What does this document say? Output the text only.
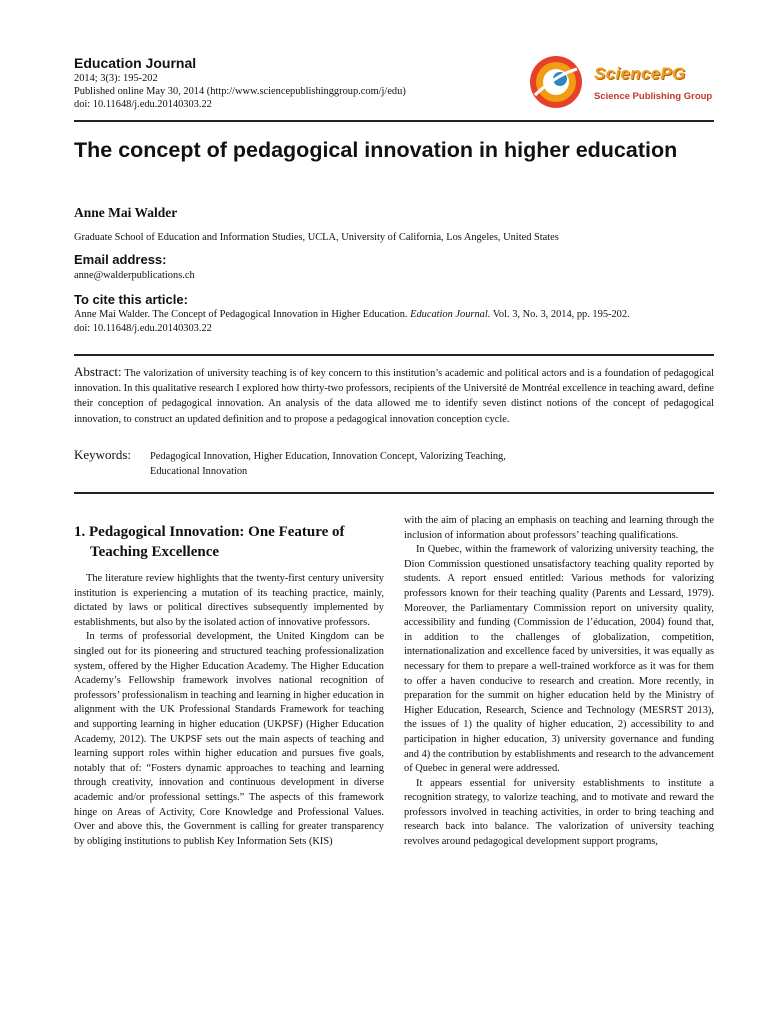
Education Journal
2014; 3(3): 195-202
Published online May 30, 2014 (http://www.sciencepublishinggroup.com/j/edu)
doi: 10.11648/j.edu.20140303.22
SciencePG
Science Publishing Group
The concept of pedagogical innovation in higher education
Anne Mai Walder
Graduate School of Education and Information Studies, UCLA, University of California, Los Angeles, United States
Email address:
anne@walderpublications.ch
To cite this article:
Anne Mai Walder. The Concept of Pedagogical Innovation in Higher Education. Education Journal. Vol. 3, No. 3, 2014, pp. 195-202.
doi: 10.11648/j.edu.20140303.22
Abstract: The valorization of university teaching is of key concern to this institution’s academic and political actors and is a foundation of pedagogical innovation. In this qualitative research I explored how thirty-two professors, recipients of the Université de Montréal excellence in teaching award, define their conception of pedagogical innovation. An analysis of the data allowed me to identify seven distinct notions of the concept of pedagogical innovation, to construct an updated definition and to propose a pedagogical innovation conception cycle.
Keywords: Pedagogical Innovation, Higher Education, Innovation Concept, Valorizing Teaching,
Educational Innovation
1. Pedagogical Innovation: One Feature of Teaching Excellence

The literature review highlights that the twenty-first century university institution is experiencing a mutation of its teaching practice, mainly, dictated by laws or political directives subsequently implemented by establishments, but also by the isolated action of innovative professors.

In terms of professorial development, the United Kingdom can be singled out for its pioneering and structured teaching professionalization system, offered by the Higher Education Academy. The Higher Education Academy’s Fellowship framework involves national recognition of professors’ professionalism in teaching and learning in higher education in alignment with the UK Professional Standards Framework for teaching and supporting learning in higher education (UKPSF) (Higher Education Academy, 2012). The UKPSF sets out the main aspects of teaching and learning support roles within higher education and pursues five goals, notably that of: “Fosters dynamic approaches to teaching and learning through creativity, innovation and continuous development in diverse academic and/or professional settings.” The aspects of this framework hinge on Areas of Activity, Core Knowledge and Professional Values. Over and above this, the Government is calling for greater transparency by obliging institutions to publish Key Information Sets (KIS)

with the aim of placing an emphasis on teaching and learning through the inclusion of information about professors’ teaching qualifications.

In Quebec, within the framework of valorizing university teaching, the Dion Commission questioned unsatisfactory teaching quality reported by students. A report ensued entitled: Various methods for valorizing professors known for their teaching quality (Parents and Lessard, 1979). Moreover, the Parliamentary Commission report on university quality, accessibility and funding (Commission de l’éducation, 2004) found that, in addition to the challenges of globalization, competition, internationalization and excellence faced by universities, it was equally as necessary for them to prepare a well-trained workforce as it was for them to offer a haven conducive to research and creation. More recently, in preparation for the summit on higher education held by the Ministry of Higher Education, Research, Science and Technology (MESRST 2013), the issues of 1) the quality of higher education, 2) accessibility to and participation in higher education, 3) university governance and funding and 4) the contribution by establishments and research to the advancement of Quebec in general were addressed.

It appears essential for university establishments to institute a recognition strategy, to valorize teaching, and to motivate and reward the professors involved in teaching activities, in order to bring teaching and research back into balance. The valorization of university teaching revolves around pedagogical development support programs,
